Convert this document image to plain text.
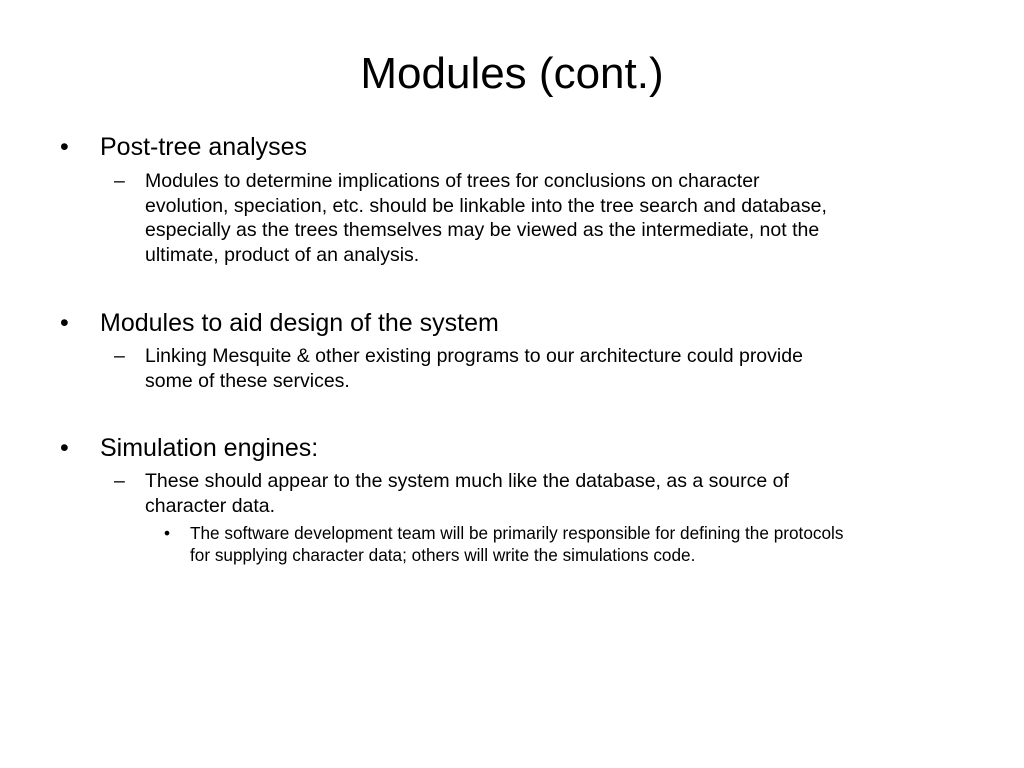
Modules (cont.)
• Post-tree analyses
– Modules to determine implications of trees for conclusions on character
evolution, speciation, etc. should be linkable into the tree search and database,
especially as the trees themselves may be viewed as the intermediate, not the
ultimate, product of an analysis.
• Modules to aid design of the system
– Linking Mesquite & other existing programs to our architecture could provide
some of these services.
• Simulation engines:
– These should appear to the system much like the database, as a source of
character data.
• The software development team will be primarily responsible for defining the protocols
for supplying character data; others will write the simulations code.
